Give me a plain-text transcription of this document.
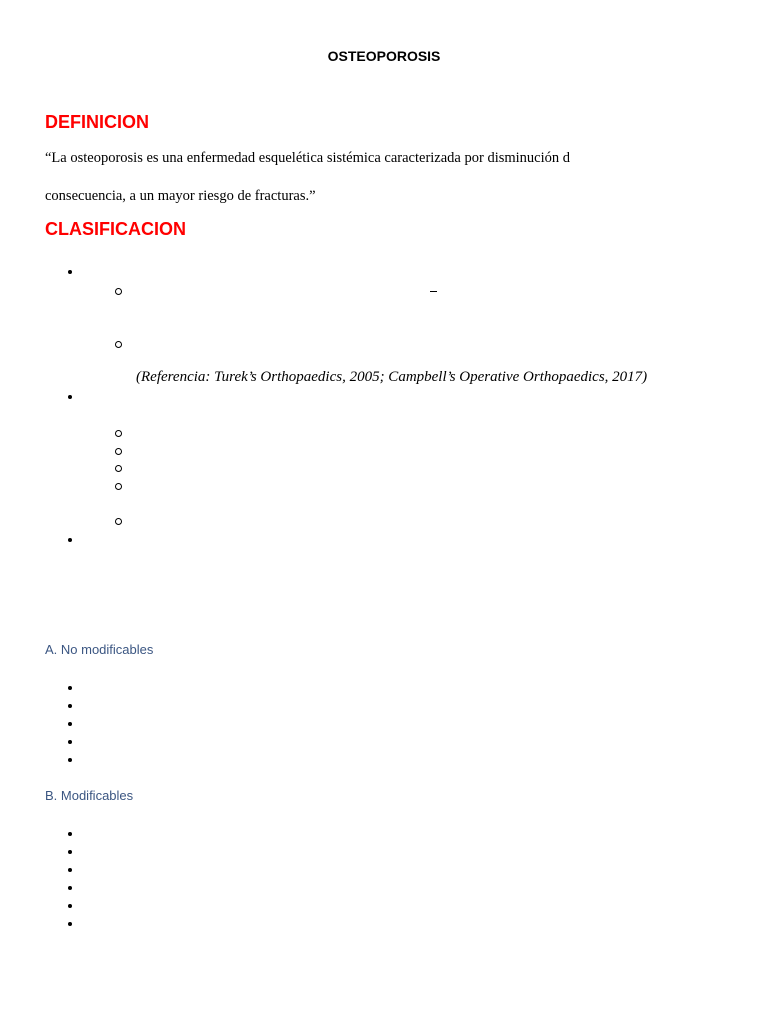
OSTEOPOROSIS
DEFINICION
“La osteoporosis es una enfermedad esquelética sistémica caracterizada por disminución d
consecuencia, a un mayor riesgo de fracturas.”
CLASIFICACION
(Referencia: Turek’s Orthopaedics, 2005; Campbell’s Operative Orthopaedics, 2017)
A. No modificables
B. Modificables
